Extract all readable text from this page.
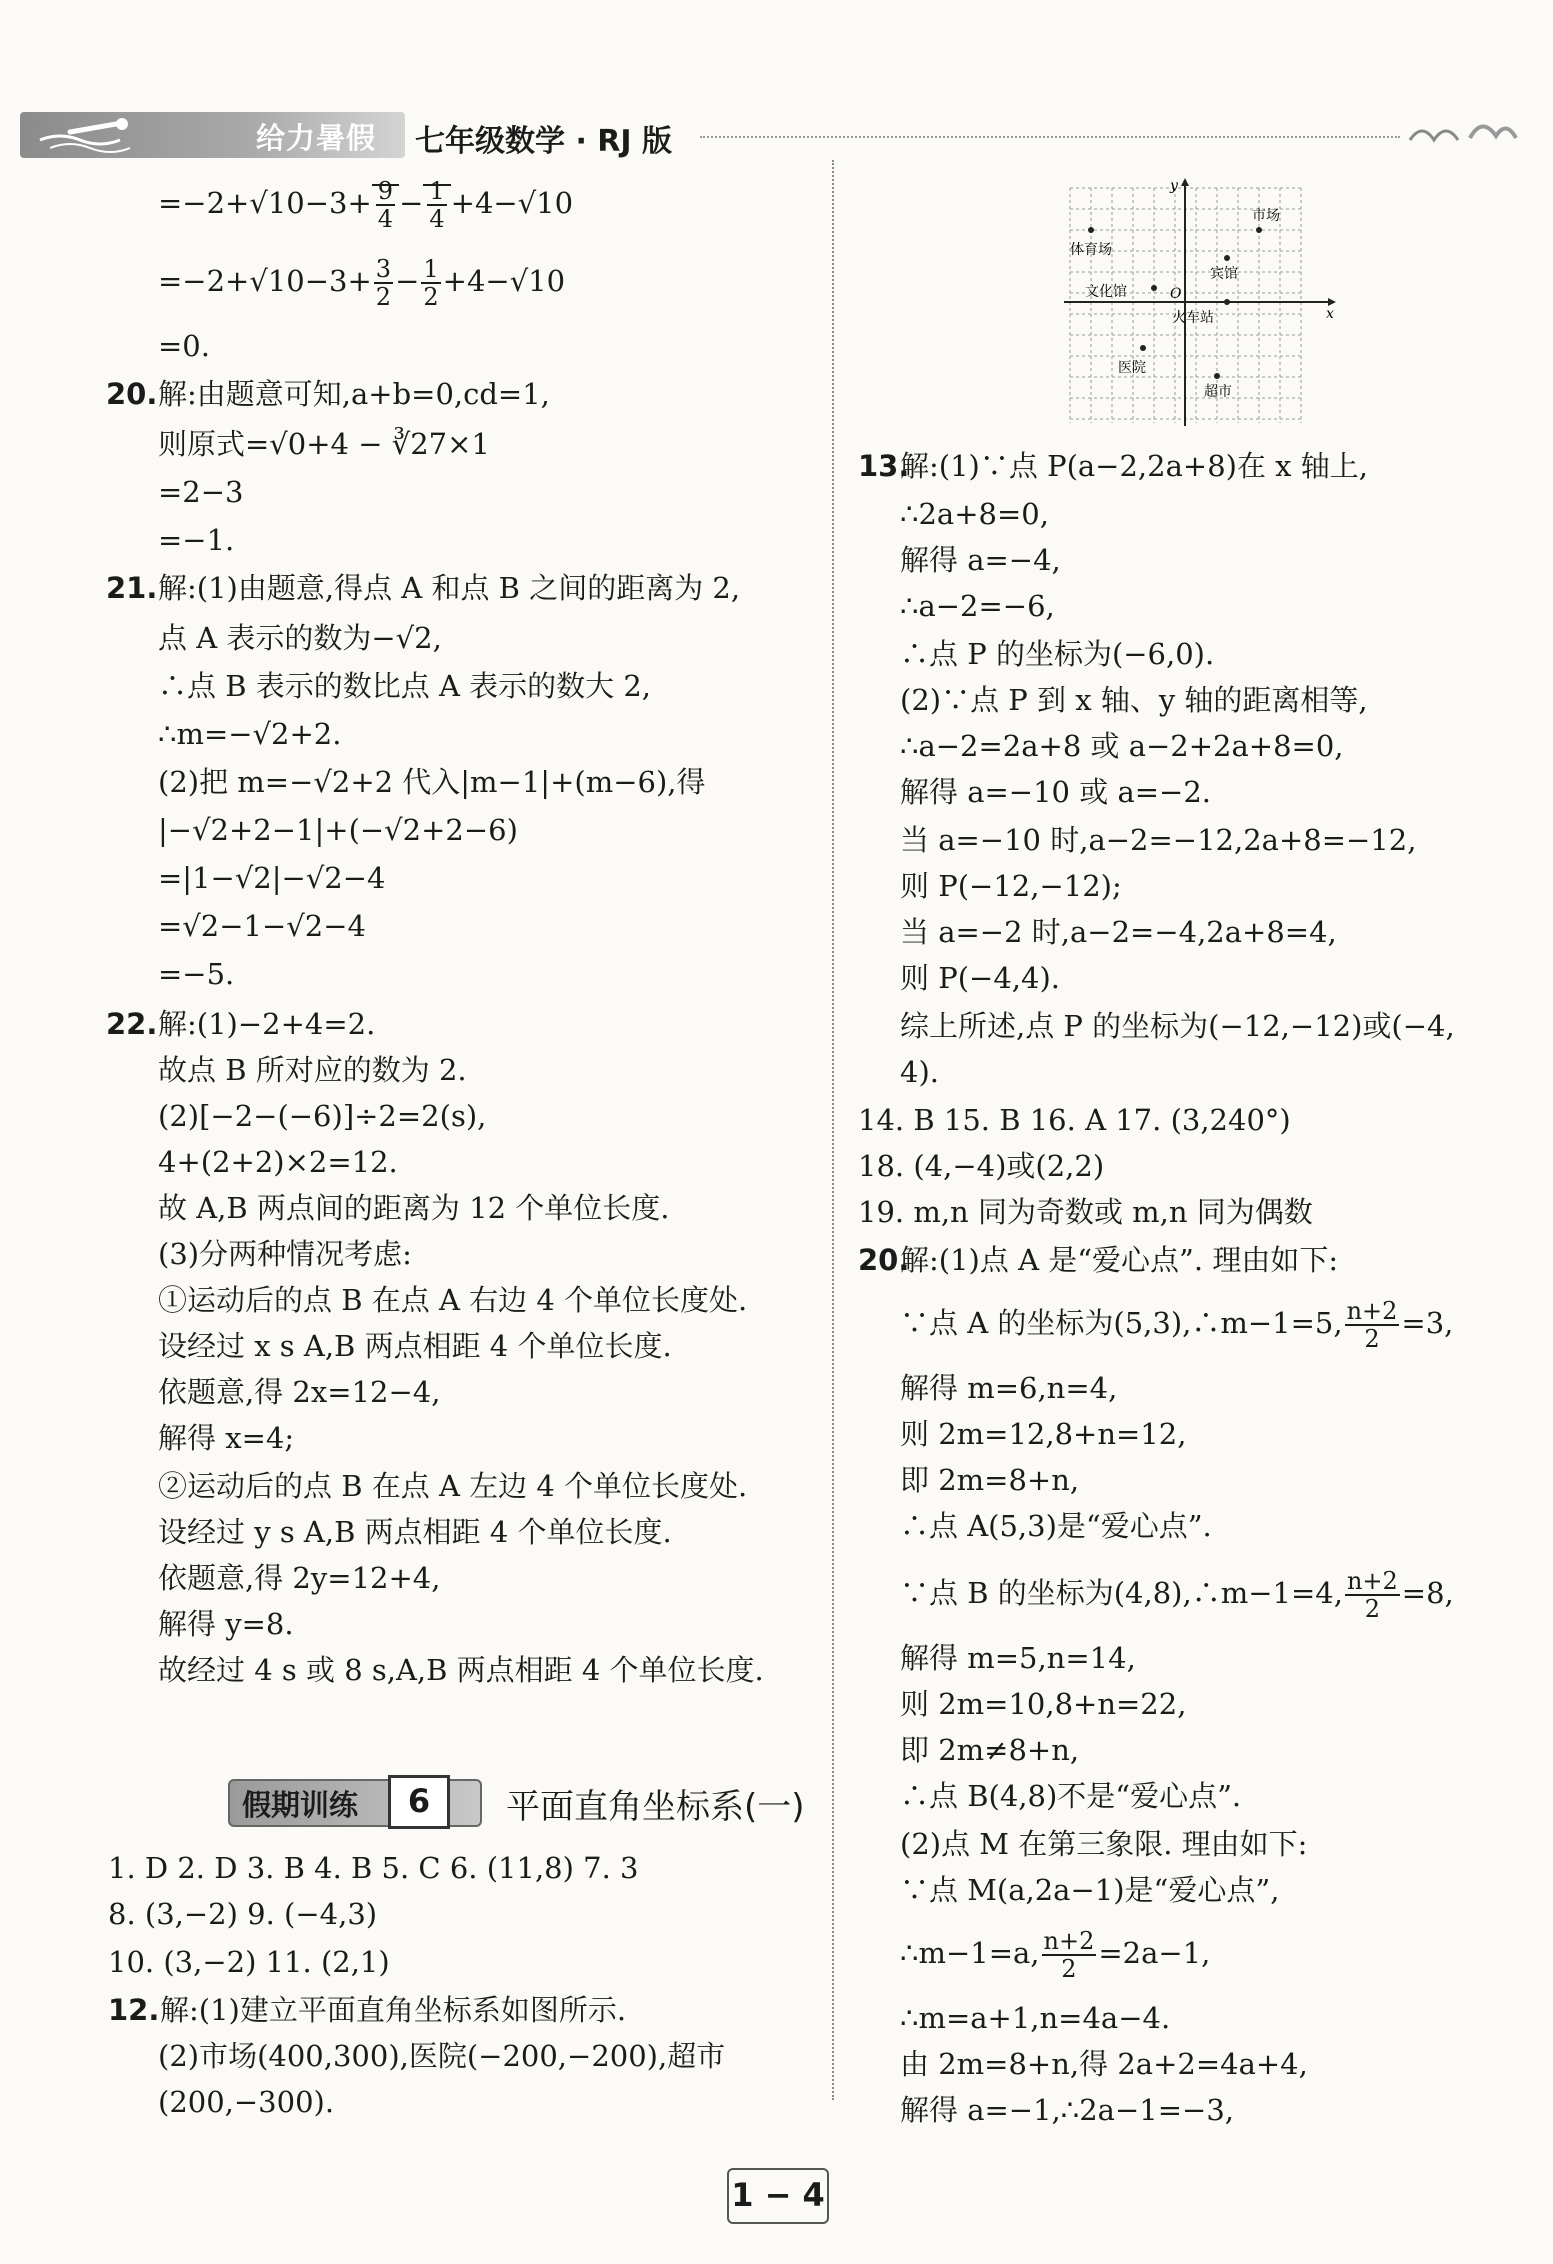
给力暑假 七年级数学 · RJ 版
$=-2+√10-3+ \frac{9}{4} - \frac{1}{4} +4-√10$
$=-2+√10-3+ \frac{3}{2} - \frac{1}{2} +4-√10$
=0.
20. 解:由题意可知,a+b=0,cd=1,
则原式=√0+4 − ∛27×1
=2−3
=−1.
21. 解:(1)由题意,得点 A 和点 B 之间的距离为 2,
点 A 表示的数为−√2,
∴点 B 表示的数比点 A 表示的数大 2,
∴m=−√2+2.
(2)把 m=−√2+2 代入|m−1|+(m−6),得
|−√2+2−1|+(−√2+2−6)
=|1−√2|−√2−4
=√2−1−√2−4
=−5.
22. 解:(1)−2+4=2.
故点 B 所对应的数为 2.
(2)[−2−(−6)]÷2=2(s),
4+(2+2)×2=12.
故 A,B 两点间的距离为 12 个单位长度.
(3)分两种情况考虑:
①运动后的点 B 在点 A 右边 4 个单位长度处.
设经过 x s A,B 两点相距 4 个单位长度.
依题意,得 2x=12−4,
解得 x=4;
②运动后的点 B 在点 A 左边 4 个单位长度处.
设经过 y s A,B 两点相距 4 个单位长度.
依题意,得 2y=12+4,
解得 y=8.
故经过 4 s 或 8 s,A,B 两点相距 4 个单位长度.
假期训练	6	平面直角坐标系(一)
1. D 2. D 3. B 4. B 5. C 6. (11,8) 7. 3
8. (3,−2) 9. (−4,3)
10. (3,−2) 11. (2,1)
12. 解:(1)建立平面直角坐标系如图所示.
(2)市场(400,300),医院(−200,−200),超市
(200,−300).
y
x
O
市场
体育场
宾馆
文化馆
火车站
医院
超市
13.
解:(1)∵点 P(a−2,2a+8)在 x 轴上,
∴2a+8=0,
解得 a=−4,
∴a−2=−6,
∴点 P 的坐标为(−6,0).
(2)∵点 P 到 x 轴、y 轴的距离相等,
∴a−2=2a+8 或 a−2+2a+8=0,
解得 a=−10 或 a=−2.
当 a=−10 时,a−2=−12,2a+8=−12,
则 P(−12,−12);
当 a=−2 时,a−2=−4,2a+8=4,
则 P(−4,4).
综上所述,点 P 的坐标为(−12,−12)或(−4,
4).
14. B 15. B 16. A 17. (3,240°)
18. (4,−4)或(2,2)
19. m,n 同为奇数或 m,n 同为偶数
20.
解:(1)点 A 是“爱心点”. 理由如下:
∵点 A 的坐标为(5,3),∴m−1=5, $\frac{n+2}{2} =3$,
解得 m=6,n=4,
则 2m=12,8+n=12,
即 2m=8+n,
∴点 A(5,3)是“爱心点”.
∵点 B 的坐标为(4,8),∴m−1=4, $\frac{n+2}{2} =8$,
解得 m=5,n=14,
则 2m=10,8+n=22,
即 2m≠8+n,
∴点 B(4,8)不是“爱心点”.
(2)点 M 在第三象限. 理由如下:
∵点 M(a,2a−1)是“爱心点”,
∴m−1=a, $\frac{n+2}{2} =2a-1$,
∴m=a+1,n=4a−4.
由 2m=8+n,得 2a+2=4a+4,
解得 a=−1,∴2a−1=−3,
1 − 4
